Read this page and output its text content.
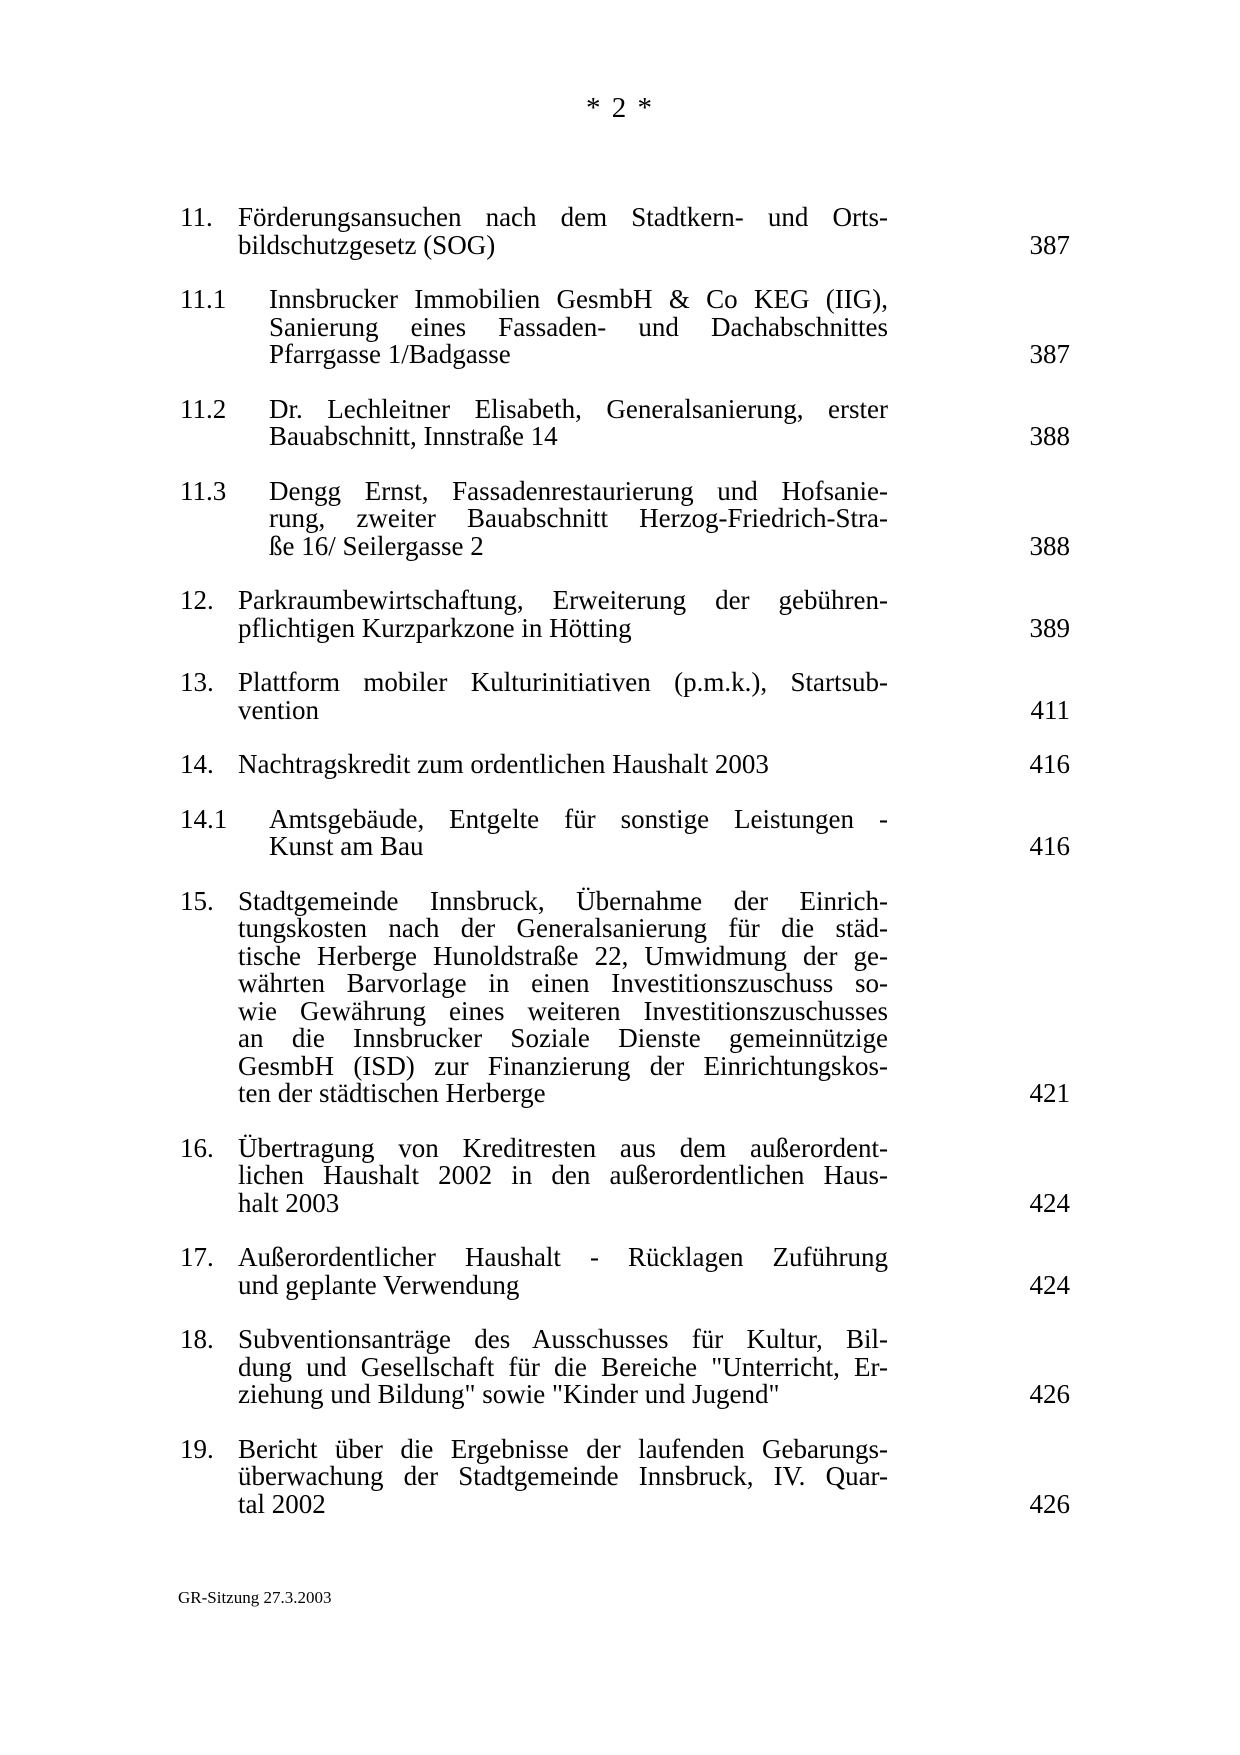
* 2 *
11. Förderungsansuchen nach dem Stadtkern- und Orts-
bildschutzgesetz (SOG)	387
11.1	Innsbrucker Immobilien GesmbH & Co KEG (IIG),
Sanierung eines Fassaden- und Dachabschnittes
Pfarrgasse 1/Badgasse	387
11.2	Dr. Lechleitner Elisabeth, Generalsanierung, erster
Bauabschnitt, Innstraße 14	388
11.3	Dengg Ernst, Fassadenrestaurierung und Hofsanie-
rung, zweiter Bauabschnitt Herzog-Friedrich-Stra-
ße 16/ Seilergasse 2	388
12. Parkraumbewirtschaftung, Erweiterung der gebühren-
pflichtigen Kurzparkzone in Hötting	389
13. Plattform mobiler Kulturinitiativen (p.m.k.), Startsub-
vention	411
14. Nachtragskredit zum ordentlichen Haushalt 2003	416
14.1	Amtsgebäude, Entgelte für sonstige Leistungen -
Kunst am Bau	416
15. Stadtgemeinde Innsbruck, Übernahme der Einrich-
tungskosten nach der Generalsanierung für die städ-
tische Herberge Hunoldstraße 22, Umwidmung der ge-
währten Barvorlage in einen Investitionszuschuss so-
wie Gewährung eines weiteren Investitionszuschusses
an die Innsbrucker Soziale Dienste gemeinnützige
GesmbH (ISD) zur Finanzierung der Einrichtungskos-
ten der städtischen Herberge	421
16. Übertragung von Kreditresten aus dem außerordent-
lichen Haushalt 2002 in den außerordentlichen Haus-
halt 2003	424
17. Außerordentlicher Haushalt - Rücklagen Zuführung
und geplante Verwendung	424
18. Subventionsanträge des Ausschusses für Kultur, Bil-
dung und Gesellschaft für die Bereiche "Unterricht, Er-
ziehung und Bildung" sowie "Kinder und Jugend"	426
19. Bericht über die Ergebnisse der laufenden Gebarungs-
überwachung der Stadtgemeinde Innsbruck, IV. Quar-
tal 2002	426
GR-Sitzung 27.3.2003
